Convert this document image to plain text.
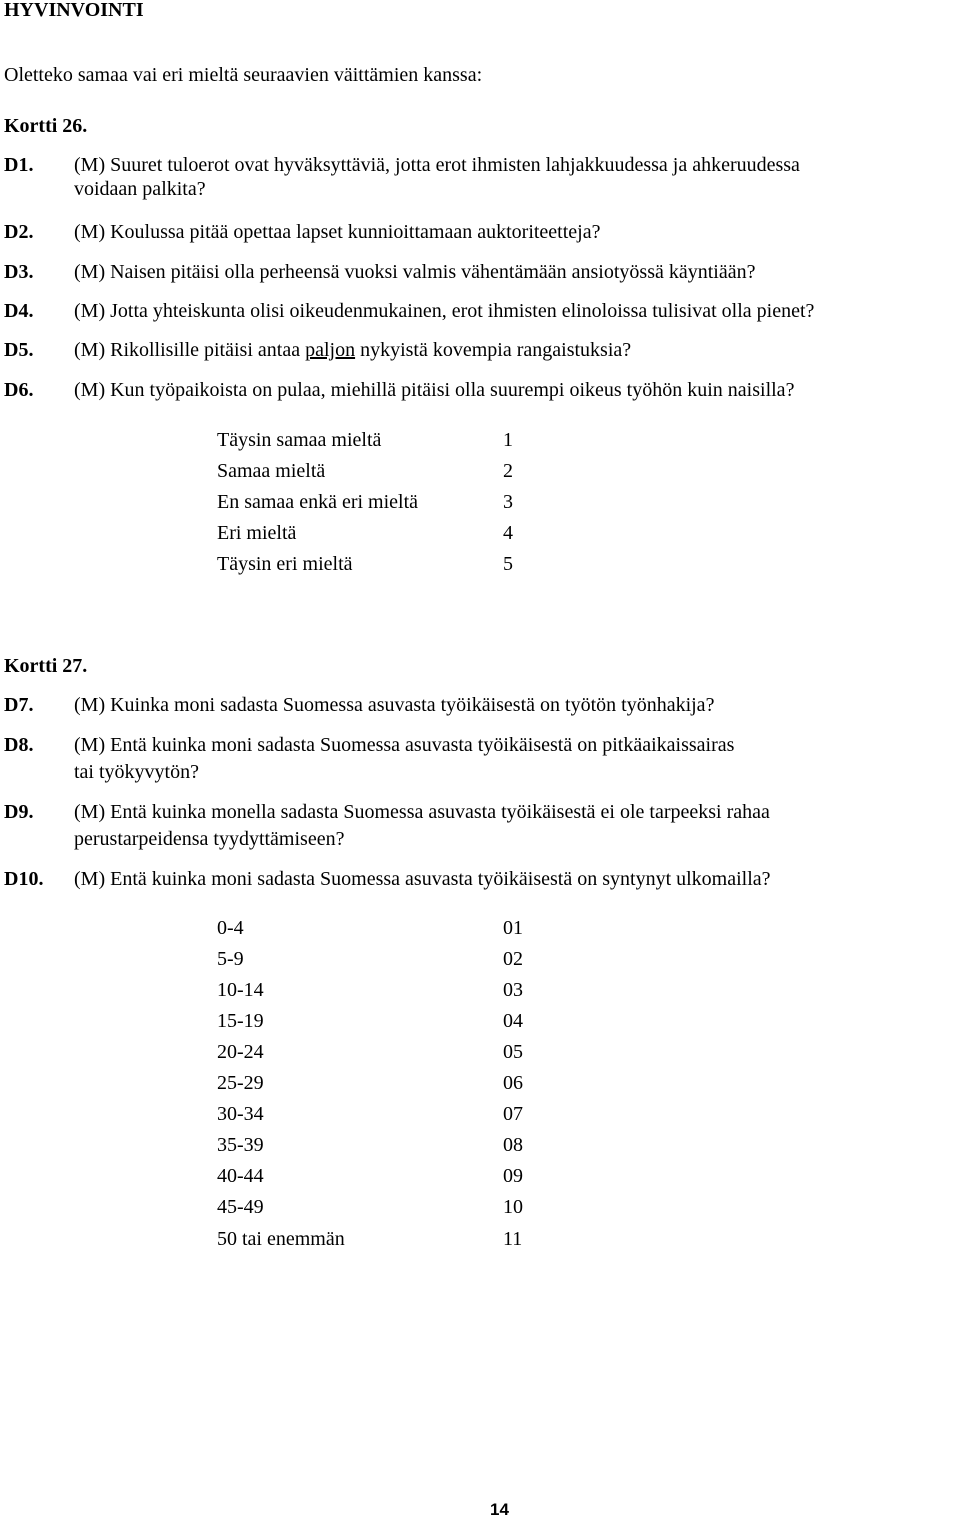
HYVINVOINTI
Oletteko samaa vai eri mieltä seuraavien väittämien kanssa:
Kortti 26.
D1. (M) Suuret tuloerot ovat hyväksyttäviä, jotta erot ihmisten lahjakkuudessa ja ahkeruudessa
voidaan palkita?
D2. (M) Koulussa pitää opettaa lapset kunnioittamaan auktoriteetteja?
D3. (M) Naisen pitäisi olla perheensä vuoksi valmis vähentämään ansiotyössä käyntiään?
D4. (M) Jotta yhteiskunta olisi oikeudenmukainen, erot ihmisten elinoloissa tulisivat olla pienet?
D5. (M) Rikollisille pitäisi antaa paljon nykyistä kovempia rangaistuksia?
D6. (M) Kun työpaikoista on pulaa, miehillä pitäisi olla suurempi oikeus työhön kuin naisilla?
Täysin samaa mieltä	1
Samaa mieltä	2
En samaa enkä eri mieltä	3
Eri mieltä	4
Täysin eri mieltä	5
Kortti 27.
D7. (M) Kuinka moni sadasta Suomessa asuvasta työikäisestä on työtön työnhakija?
D8. (M) Entä kuinka moni sadasta Suomessa asuvasta työikäisestä on pitkäaikaissairas
tai työkyvytön?
D9. (M) Entä kuinka monella sadasta Suomessa asuvasta työikäisestä ei ole tarpeeksi rahaa
perustarpeidensa tyydyttämiseen?
D10. (M) Entä kuinka moni sadasta Suomessa asuvasta työikäisestä on syntynyt ulkomailla?
0-4	01
5-9	02
10-14	03
15-19	04
20-24	05
25-29	06
30-34	07
35-39	08
40-44	09
45-49	10
50 tai enemmän	11
14
